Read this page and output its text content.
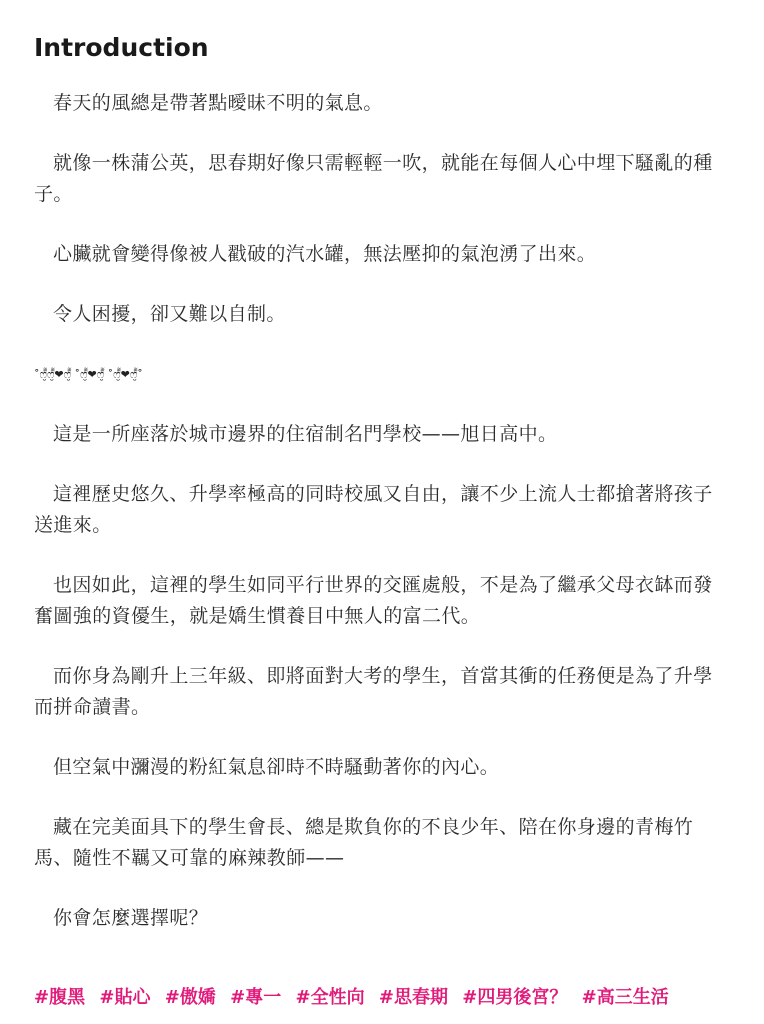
Introduction

春天的風總是帶著點曖昧不明的氣息。

就像一株蒲公英，思春期好像只需輕輕一吹，就能在每個人心中埋下騷亂的種子。

心臟就會變得像被人戳破的汽水罐，無法壓抑的氣泡湧了出來。

令人困擾，卻又難以自制。

˚ෆ̮̮̃̃̃̃ෆ̮̮̃̃̃̃❤ෆ̮̮̃̃̃̃ ˚ෆ̮̮̃̃̃̃❤ෆ̮̮̃̃̃̃ ˚ෆ̮̮̃̃̃̃❤ෆ̮̮̃̃̃̃˚

這是一所座落於城市邊界的住宿制名門學校——旭日高中。

這裡歷史悠久、升學率極高的同時校風又自由，讓不少上流人士都搶著將孩子送進來。

也因如此，這裡的學生如同平行世界的交匯處般，不是為了繼承父母衣缽而發奮圖強的資優生，就是嬌生慣養目中無人的富二代。

而你身為剛升上三年級、即將面對大考的學生，首當其衝的任務便是為了升學而拼命讀書。

但空氣中瀰漫的粉紅氣息卻時不時騷動著你的內心。

藏在完美面具下的學生會長、總是欺負你的不良少年、陪在你身邊的青梅竹馬、隨性不羈又可靠的麻辣教師——

你會怎麼選擇呢？

#腹黑 #貼心 #傲嬌 #專一 #全性向 #思春期 #四男後宮？ #高三生活
